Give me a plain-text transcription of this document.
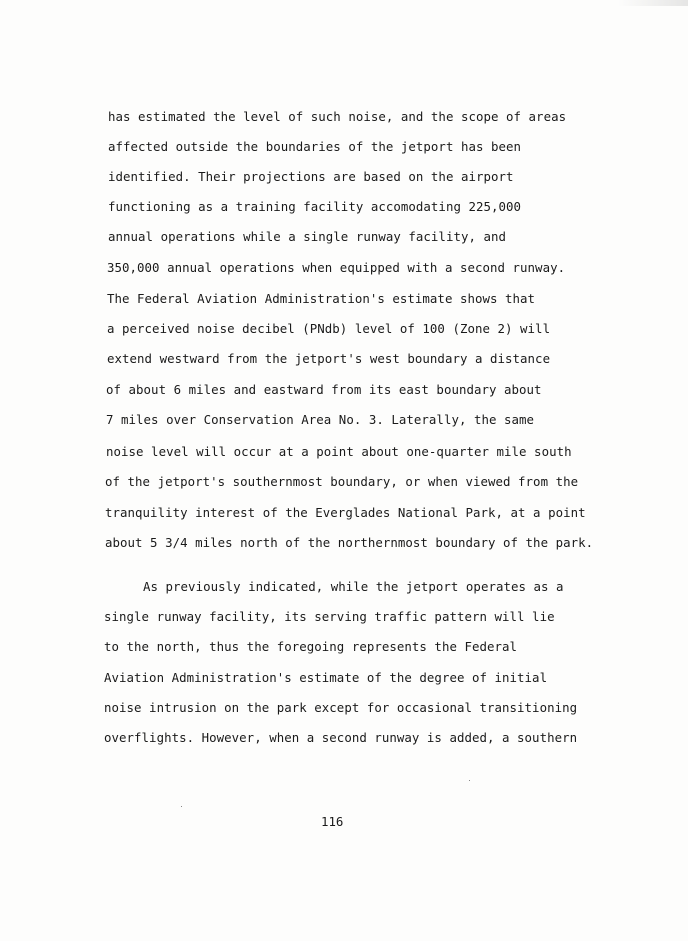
has estimated the level of such noise, and the scope of areas
affected outside the boundaries of the jetport has been
identified. Their projections are based on the airport
functioning as a training facility accomodating 225,000
annual operations while a single runway facility, and
350,000 annual operations when equipped with a second runway.
The Federal Aviation Administration's estimate shows that
a perceived noise decibel (PNdb) level of 100 (Zone 2) will
extend westward from the jetport's west boundary a distance
of about 6 miles and eastward from its east boundary about
7 miles over Conservation Area No. 3. Laterally, the same
noise level will occur at a point about one-quarter mile south
of the jetport's southernmost boundary, or when viewed from the
tranquility interest of the Everglades National Park, at a point
about 5 3/4 miles north of the northernmost boundary of the park.
As previously indicated, while the jetport operates as a
single runway facility, its serving traffic pattern will lie
to the north, thus the foregoing represents the Federal
Aviation Administration's estimate of the degree of initial
noise intrusion on the park except for occasional transitioning
overflights. However, when a second runway is added, a southern
116
